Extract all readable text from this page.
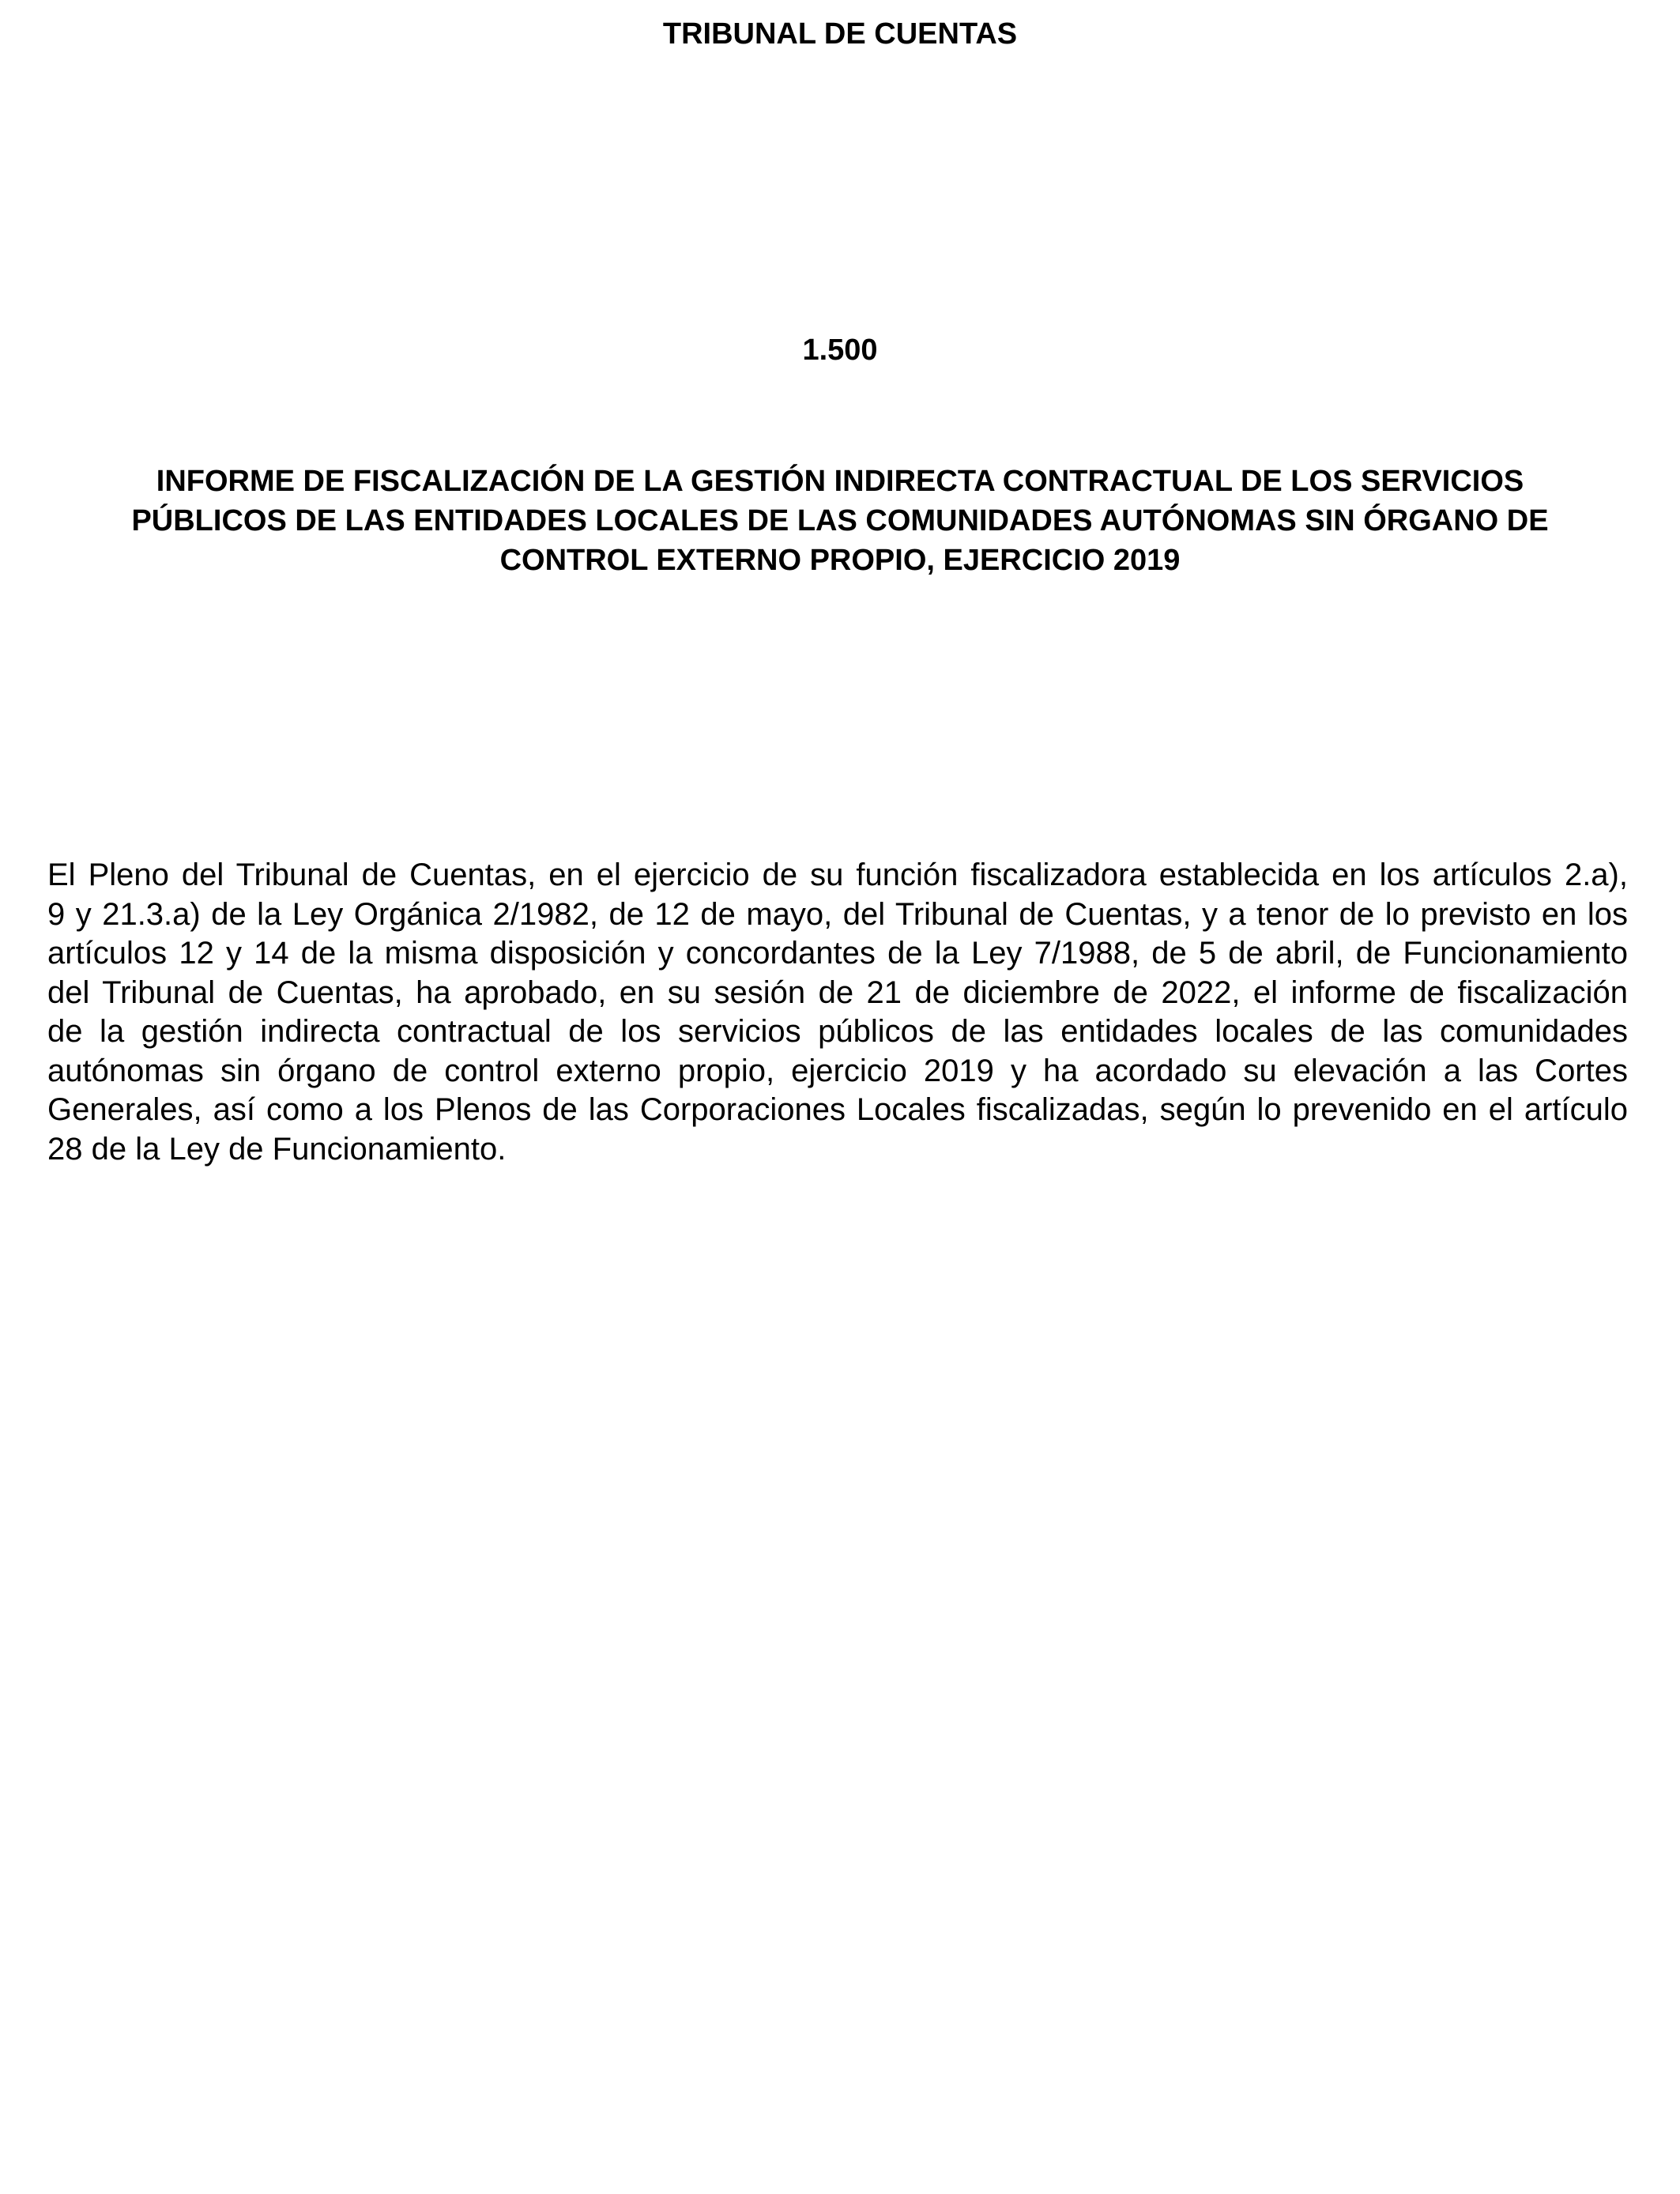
TRIBUNAL DE CUENTAS
1.500
INFORME DE FISCALIZACIÓN DE LA GESTIÓN INDIRECTA CONTRACTUAL DE LOS SERVICIOS
PÚBLICOS DE LAS ENTIDADES LOCALES DE LAS COMUNIDADES AUTÓNOMAS SIN ÓRGANO DE
CONTROL EXTERNO PROPIO, EJERCICIO 2019

El Pleno del Tribunal de Cuentas, en el ejercicio de su función fiscalizadora establecida en los artículos 2.a),
9 y 21.3.a) de la Ley Orgánica 2/1982, de 12 de mayo, del Tribunal de Cuentas, y a tenor de lo previsto en los
artículos 12 y 14 de la misma disposición y concordantes de la Ley 7/1988, de 5 de abril, de Funcionamiento
del Tribunal de Cuentas, ha aprobado, en su sesión de 21 de diciembre de 2022, el informe de fiscalización
de la gestión indirecta contractual de los servicios públicos de las entidades locales de las comunidades
autónomas sin órgano de control externo propio, ejercicio 2019 y ha acordado su elevación a las Cortes
Generales, así como a los Plenos de las Corporaciones Locales fiscalizadas, según lo prevenido en el artículo
28 de la Ley de Funcionamiento.
